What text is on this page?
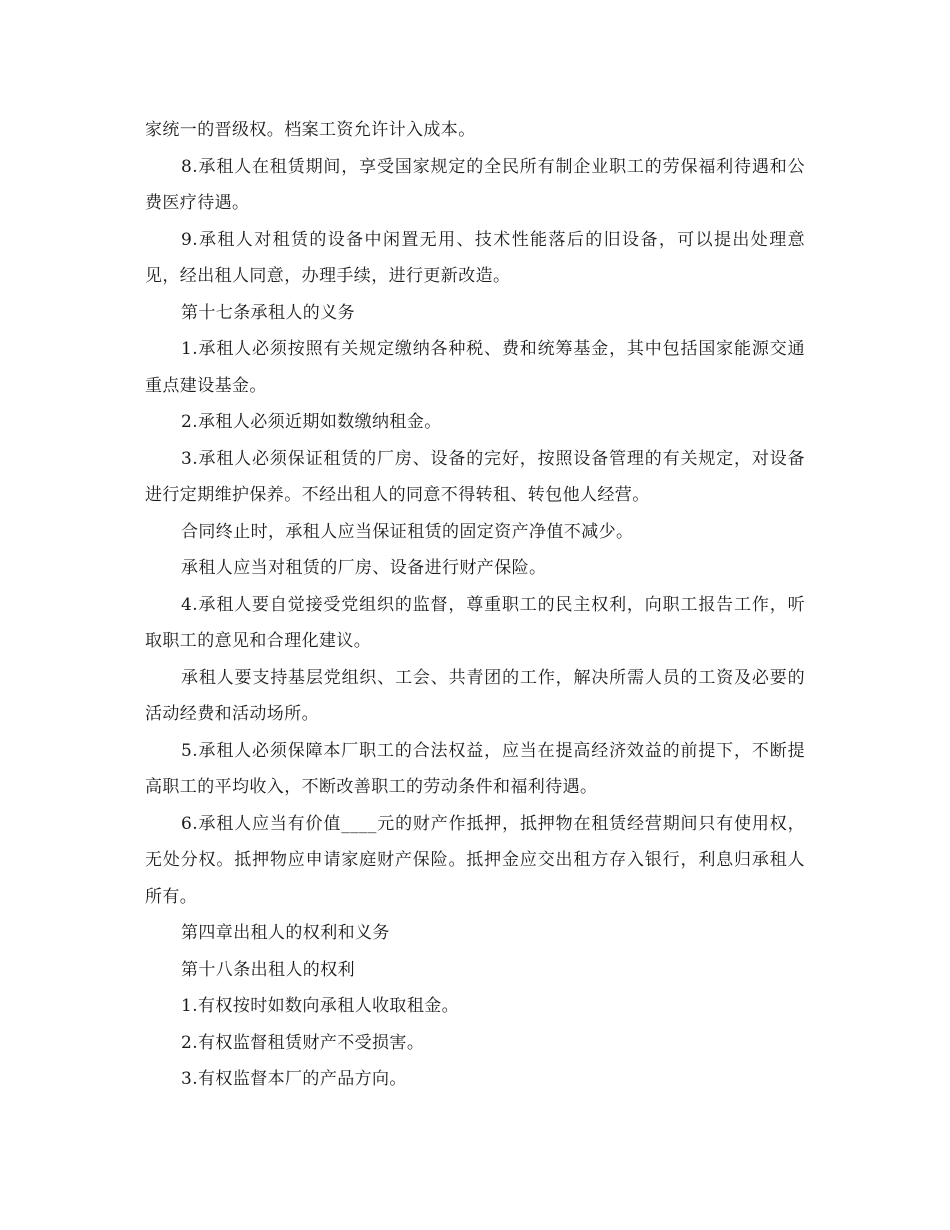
家统一的晋级权。档案工资允许计入成本。

8.承租人在租赁期间，享受国家规定的全民所有制企业职工的劳保福利待遇和公费医疗待遇。

9.承租人对租赁的设备中闲置无用、技术性能落后的旧设备，可以提出处理意见，经出租人同意，办理手续，进行更新改造。

第十七条承租人的义务

1.承租人必须按照有关规定缴纳各种税、费和统筹基金，其中包括国家能源交通重点建设基金。

2.承租人必须近期如数缴纳租金。

3.承租人必须保证租赁的厂房、设备的完好，按照设备管理的有关规定，对设备进行定期维护保养。不经出租人的同意不得转租、转包他人经营。

合同终止时，承租人应当保证租赁的固定资产净值不减少。

承租人应当对租赁的厂房、设备进行财产保险。

4.承租人要自觉接受党组织的监督，尊重职工的民主权利，向职工报告工作，听取职工的意见和合理化建议。

承租人要支持基层党组织、工会、共青团的工作，解决所需人员的工资及必要的活动经费和活动场所。

5.承租人必须保障本厂职工的合法权益，应当在提高经济效益的前提下，不断提高职工的平均收入，不断改善职工的劳动条件和福利待遇。

6.承租人应当有价值____元的财产作抵押，抵押物在租赁经营期间只有使用权，无处分权。抵押物应申请家庭财产保险。抵押金应交出租方存入银行，利息归承租人所有。

第四章出租人的权利和义务

第十八条出租人的权利

1.有权按时如数向承租人收取租金。

2.有权监督租赁财产不受损害。

3.有权监督本厂的产品方向。
